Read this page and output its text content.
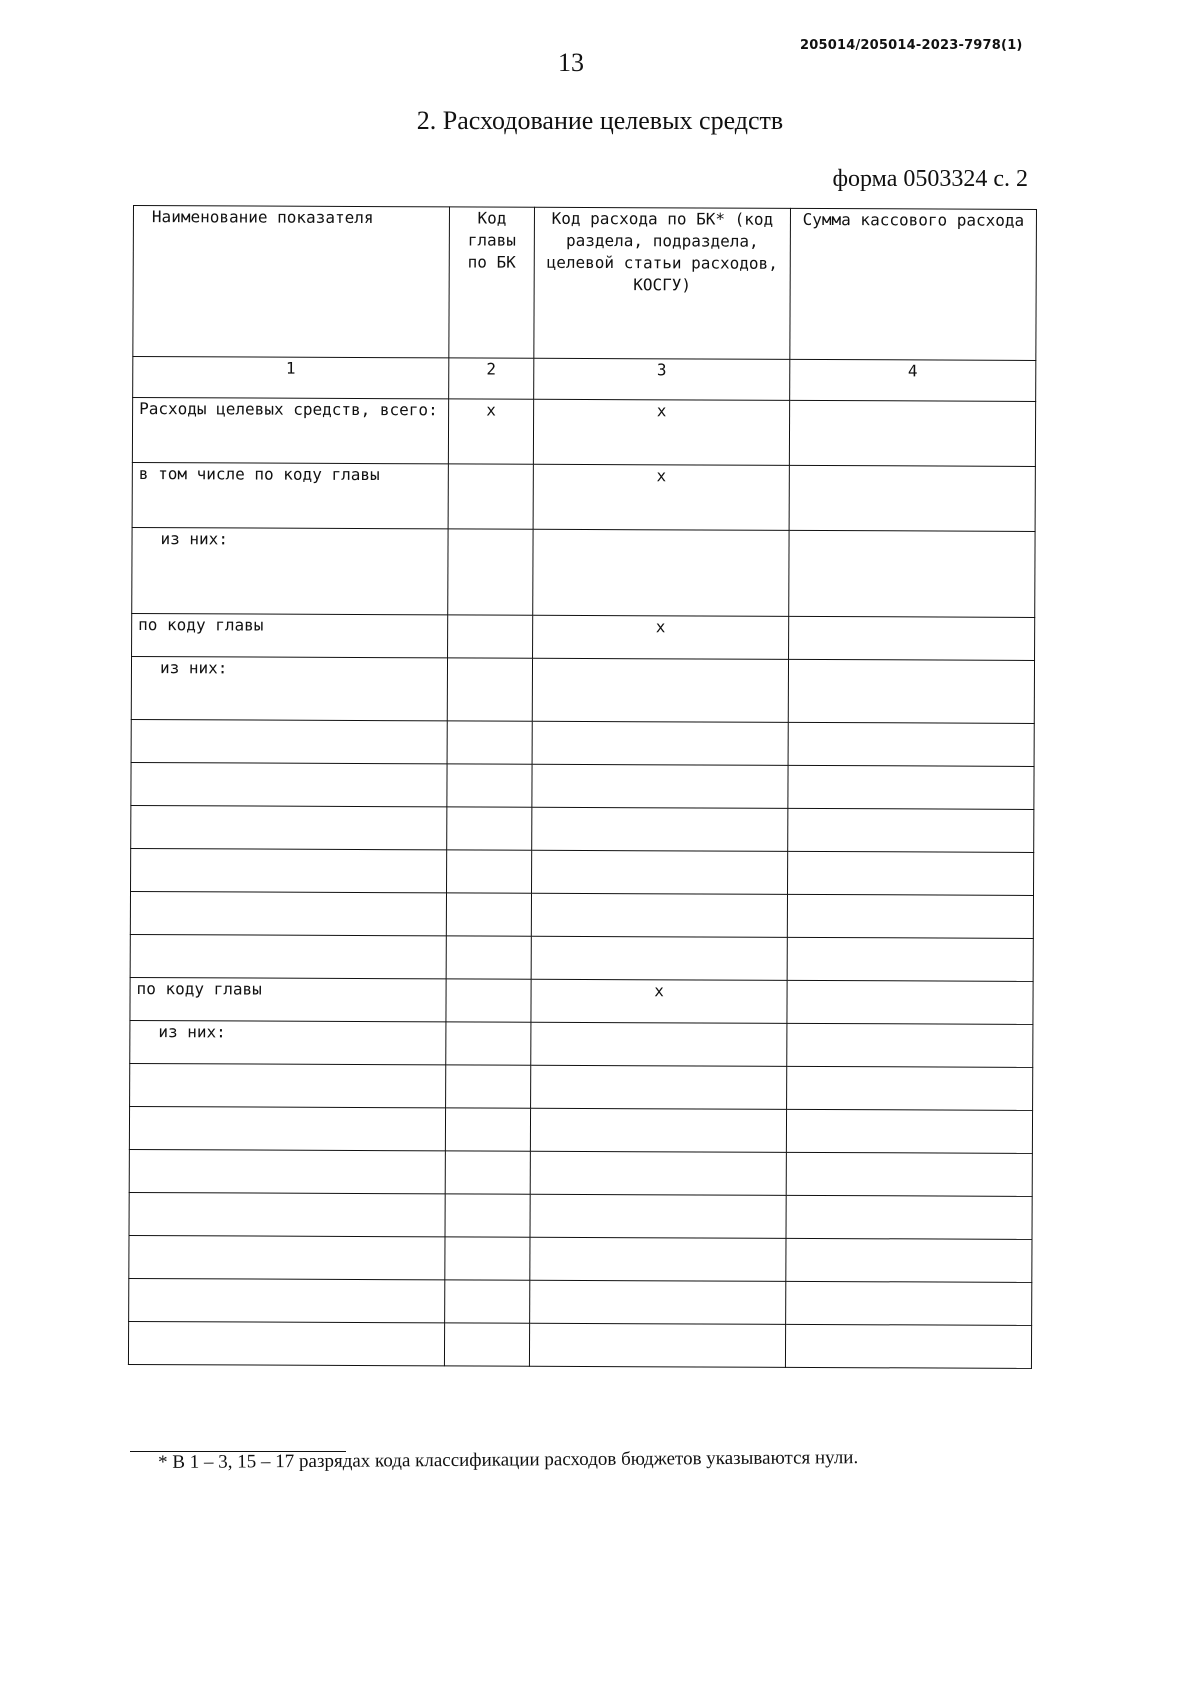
205014/205014-2023-7978(1)
13
2. Расходование целевых средств
форма 0503324 с. 2
Наименование показателя	Код главы по БК	Код расхода по БК* (код раздела, подраздела, целевой статьи расходов, КОСГУ)	Сумма кассового расхода
1	2	3	4
Расходы целевых средств, всего:	x	x	
в том числе по коду главы		x	
из них:			
по коду главы		x	
из них:			

по коду главы		x	
из них:			

* В 1 – 3, 15 – 17 разрядах кода классификации расходов бюджетов указываются нули.
